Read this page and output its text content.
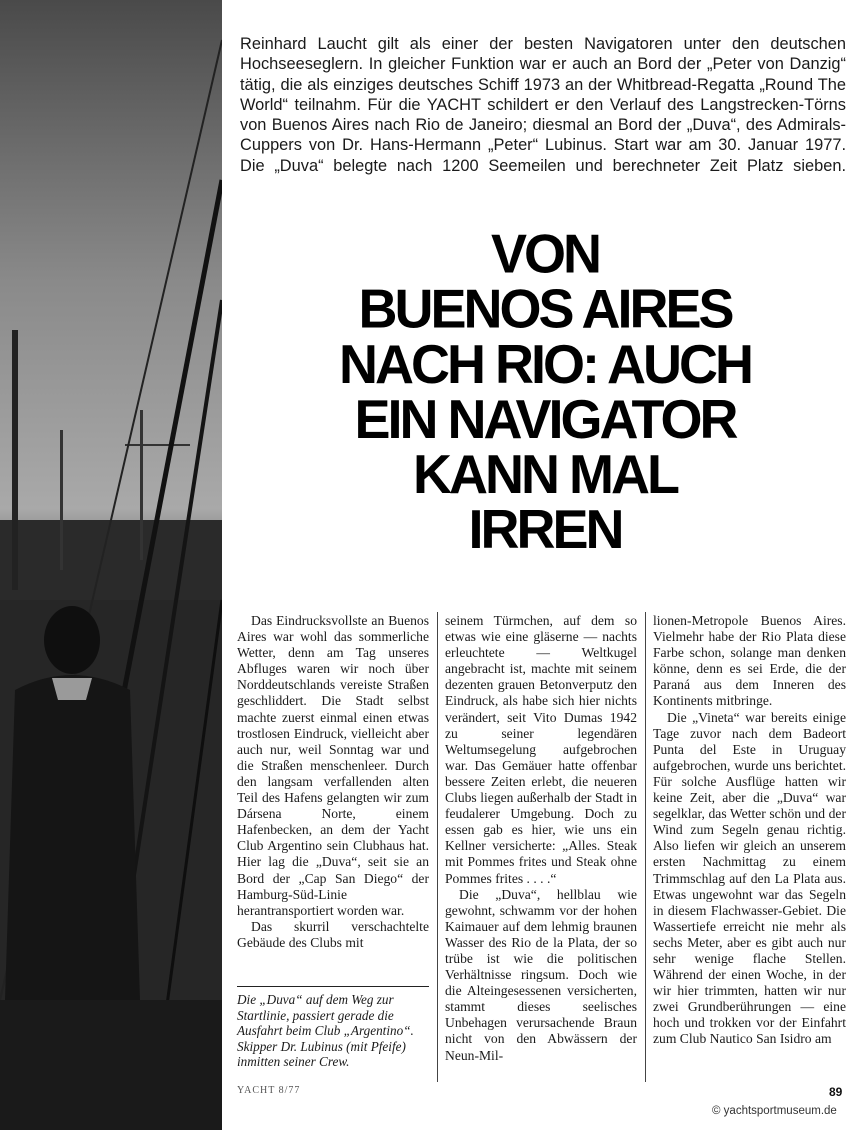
Reinhard Laucht gilt als einer der besten Navigatoren unter den deutschen Hochseeseglern. In gleicher Funktion war er auch an Bord der „Peter von Danzig“ tätig, die als einziges deutsches Schiff 1973 an der Whitbread-Regatta „Round The World“ teilnahm. Für die YACHT schildert er den Verlauf des Langstrecken-Törns von Buenos Aires nach Rio de Janeiro; diesmal an Bord der „Duva“, des Admirals-Cuppers von Dr. Hans-Hermann „Peter“ Lubinus. Start war am 30. Januar 1977. Die „Duva“ belegte nach 1200 Seemeilen und berechneter Zeit Platz sieben.
VON
BUENOS AIRES
NACH RIO: AUCH
EIN NAVIGATOR
KANN MAL
IRREN

Das Eindrucksvollste an Buenos Aires war wohl das sommerliche Wetter, denn am Tag unseres Abfluges waren wir noch über Norddeutschlands vereiste Straßen geschliddert. Die Stadt selbst machte zuerst einmal einen etwas trostlosen Eindruck, vielleicht aber auch nur, weil Sonntag war und die Straßen menschenleer. Durch den langsam verfallenden alten Teil des Hafens gelangten wir zum Dársena Norte, einem Hafenbecken, an dem der Yacht Club Argentino sein Clubhaus hat. Hier lag die „Duva“, seit sie an Bord der „Cap San Diego“ der Hamburg-Süd-Linie herantransportiert worden war.

Das skurril verschachtelte Gebäude des Clubs mit

Die „Duva“ auf dem Weg zur Startlinie, passiert gerade die Ausfahrt beim Club „Argentino“. Skipper Dr. Lubinus (mit Pfeife) inmitten seiner Crew.

seinem Türmchen, auf dem so etwas wie eine gläserne — nachts erleuchtete — Weltkugel angebracht ist, machte mit seinem dezenten grauen Betonverputz den Eindruck, als habe sich hier nichts verändert, seit Vito Dumas 1942 zu seiner legendären Weltumsegelung aufgebrochen war. Das Gemäuer hatte offenbar bessere Zeiten erlebt, die neueren Clubs liegen außerhalb der Stadt in feudalerer Umgebung. Doch zu essen gab es hier, wie uns ein Kellner versicherte: „Alles. Steak mit Pommes frites und Steak ohne Pommes frites . . . .“

Die „Duva“, hellblau wie gewohnt, schwamm vor der hohen Kaimauer auf dem lehmig braunen Wasser des Rio de la Plata, der so trübe ist wie die politischen Verhältnisse ringsum. Doch wie die Alteingesessenen versicherten, stammt dieses seelisches Unbehagen verursachende Braun nicht von den Abwässern der Neun-Mil-

lionen-Metropole Buenos Aires. Vielmehr habe der Rio Plata diese Farbe schon, solange man denken könne, denn es sei Erde, die der Paraná aus dem Inneren des Kontinents mitbringe.

Die „Vineta“ war bereits einige Tage zuvor nach dem Badeort Punta del Este in Uruguay aufgebrochen, wurde uns berichtet. Für solche Ausflüge hatten wir keine Zeit, aber die „Duva“ war segelklar, das Wetter schön und der Wind zum Segeln genau richtig. Also liefen wir gleich an unserem ersten Nachmittag zu einem Trimmschlag auf den La Plata aus. Etwas ungewohnt war das Segeln in diesem Flachwasser-Gebiet. Die Wassertiefe erreicht nie mehr als sechs Meter, aber es gibt auch nur sehr wenige flache Stellen. Während der einen Woche, in der wir hier trimmten, hatten wir nur zwei Grundberührungen — eine hoch und trokken vor der Einfahrt zum Club Nautico San Isidro am

YACHT 8/77	89
© yachtsportmuseum.de
